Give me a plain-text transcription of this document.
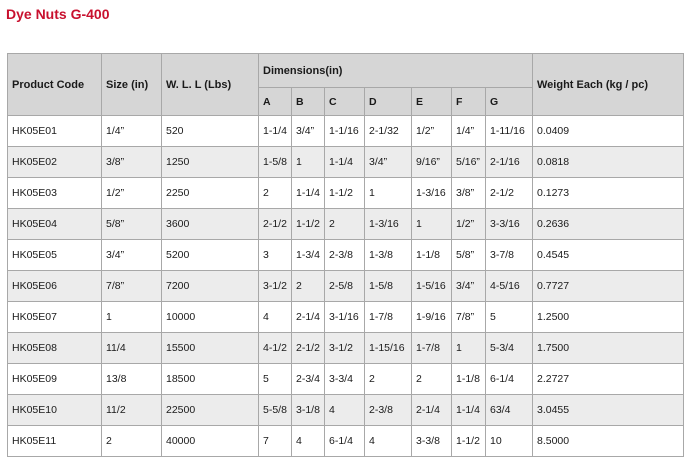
Dye Nuts G-400
Product Code	Size (in)	W. L. L (Lbs)	Dimensions(in)							Weight Each (kg / pc)
			A	B	C	D	E	F	G	
HK05E01	1/4”	520	1-1/4	3/4”	1-1/16	2-1/32	1/2”	1/4”	1-11/16	0.0409
HK05E02	3/8”	1250	1-5/8	1	1-1/4	3/4”	9/16”	5/16”	2-1/16	0.0818
HK05E03	1/2”	2250	2	1-1/4	1-1/2	1	1-3/16	3/8”	2-1/2	0.1273
HK05E04	5/8”	3600	2-1/2	1-1/2	2	1-3/16	1	1/2”	3-3/16	0.2636
HK05E05	3/4”	5200	3	1-3/4	2-3/8	1-3/8	1-1/8	5/8”	3-7/8	0.4545
HK05E06	7/8”	7200	3-1/2	2	2-5/8	1-5/8	1-5/16	3/4”	4-5/16	0.7727
HK05E07	1	10000	4	2-1/4	3-1/16	1-7/8	1-9/16	7/8”	5	1.2500
HK05E08	11/4	15500	4-1/2	2-1/2	3-1/2	1-15/16	1-7/8	1	5-3/4	1.7500
HK05E09	13/8	18500	5	2-3/4	3-3/4	2	2	1-1/8	6-1/4	2.2727
HK05E10	11/2	22500	5-5/8	3-1/8	4	2-3/8	2-1/4	1-1/4	63/4	3.0455
HK05E11	2	40000	7	4	6-1/4	4	3-3/8	1-1/2	10	8.5000
